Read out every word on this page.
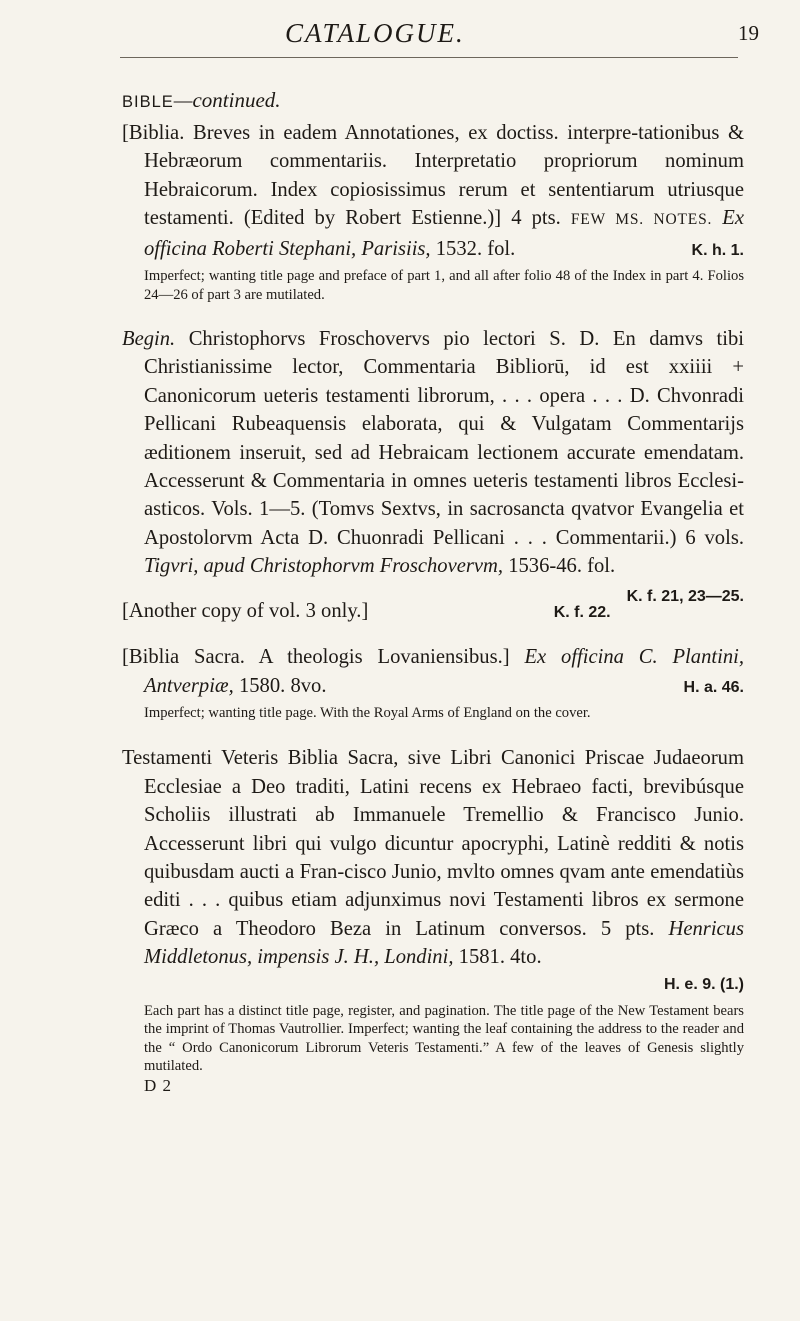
CATALOGUE.	19

BIBLE—continued.

[Biblia. Breves in eadem Annotationes, ex doctiss. interpre-tationibus & Hebræorum commentariis. Interpretatio propriorum nominum Hebraicorum. Index copiosissimus rerum et sententiarum utriusque testamenti. (Edited by Robert Estienne.)] 4 pts. FEW MS. NOTES. Ex officina Roberti Stephani, Parisiis, 1532. fol.	K. h. 1.

Imperfect; wanting title page and preface of part 1, and all after folio 48 of the Index in part 4. Folios 24—26 of part 3 are mutilated.

Begin. Christophorvs Froschovervs pio lectori S. D. En damvs tibi Christianissime lector, Commentaria Bibliorū, id est xxiiii + Canonicorum ueteris testamenti librorum, . . . opera . . . D. Chvonradi Pellicani Rubeaquensis elaborata, qui & Vulgatam Commentarijs æditionem inseruit, sed ad Hebraicam lectionem accurate emendatam. Accesserunt & Commentaria in omnes ueteris testamenti libros Ecclesi-asticos. Vols. 1—5. (Tomvs Sextvs, in sacrosancta qvatvor Evangelia et Apostolorvm Acta D. Chuonradi Pellicani . . . Commentarii.) 6 vols. Tigvri, apud Christophorvm Froschovervm, 1536-46. fol.
K. f. 21, 23—25.

[Another copy of vol. 3 only.]	K. f. 22.

[Biblia Sacra. A theologis Lovaniensibus.] Ex officina C. Plantini, Antverpiæ, 1580. 8vo.	H. a. 46.

Imperfect; wanting title page. With the Royal Arms of England on the cover.

Testamenti Veteris Biblia Sacra, sive Libri Canonici Priscae Judaeorum Ecclesiae a Deo traditi, Latini recens ex Hebraeo facti, brevibúsque Scholiis illustrati ab Immanuele Tremellio & Francisco Junio. Accesserunt libri qui vulgo dicuntur apocryphi, Latinè redditi & notis quibusdam aucti a Fran-cisco Junio, mvlto omnes qvam ante emendatiùs editi . . . quibus etiam adjunximus novi Testamenti libros ex sermone Græco a Theodoro Beza in Latinum conversos. 5 pts. Henricus Middletonus, impensis J. H., Londini, 1581. 4to.

H. e. 9. (1.)

Each part has a distinct title page, register, and pagination. The title page of the New Testament bears the imprint of Thomas Vautrollier. Imperfect; wanting the leaf containing the address to the reader and the “ Ordo Canonicorum Librorum Veteris Testamenti.” A few of the leaves of Genesis slightly mutilated.

D 2
